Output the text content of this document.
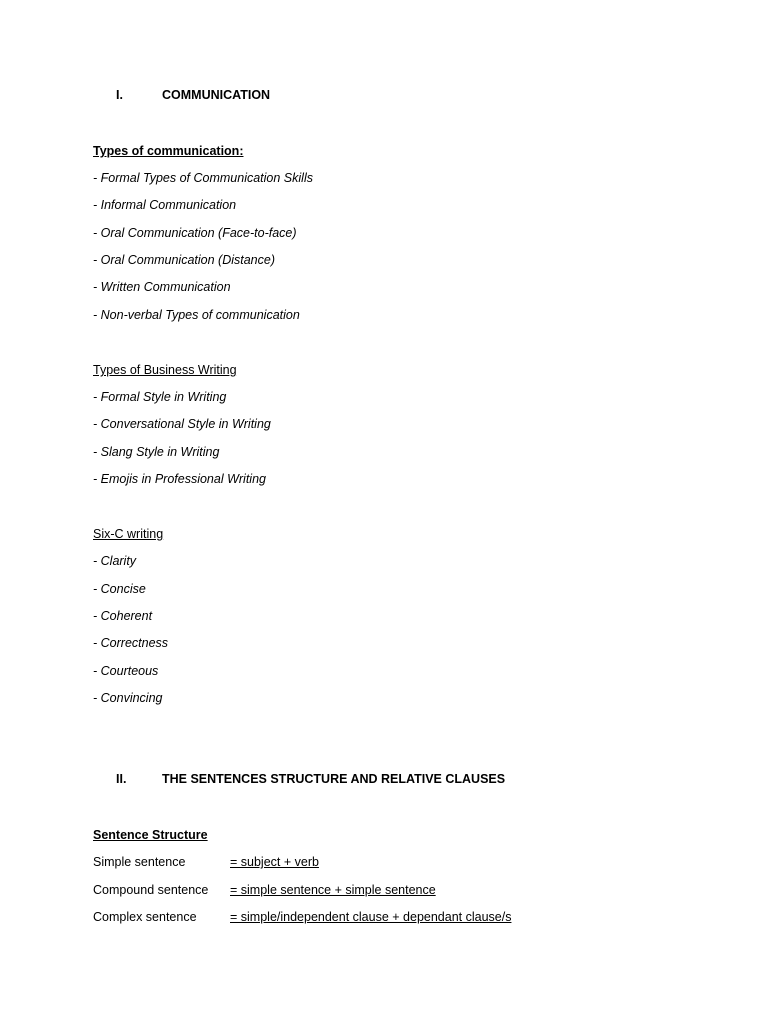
I.	COMMUNICATION
Types of communication:
- Formal Types of Communication Skills
- Informal Communication
- Oral Communication (Face-to-face)
- Oral Communication (Distance)
- Written Communication
- Non-verbal Types of communication
Types of Business Writing
- Formal Style in Writing
- Conversational Style in Writing
- Slang Style in Writing
- Emojis in Professional Writing
Six-C writing
- Clarity
- Concise
- Coherent
- Correctness
- Courteous
- Convincing
II.	THE SENTENCES STRUCTURE AND RELATIVE CLAUSES
Sentence Structure
Simple sentence	= subject + verb
Compound sentence = simple sentence + simple sentence
Complex sentence	= simple/independent clause + dependant clause/s
